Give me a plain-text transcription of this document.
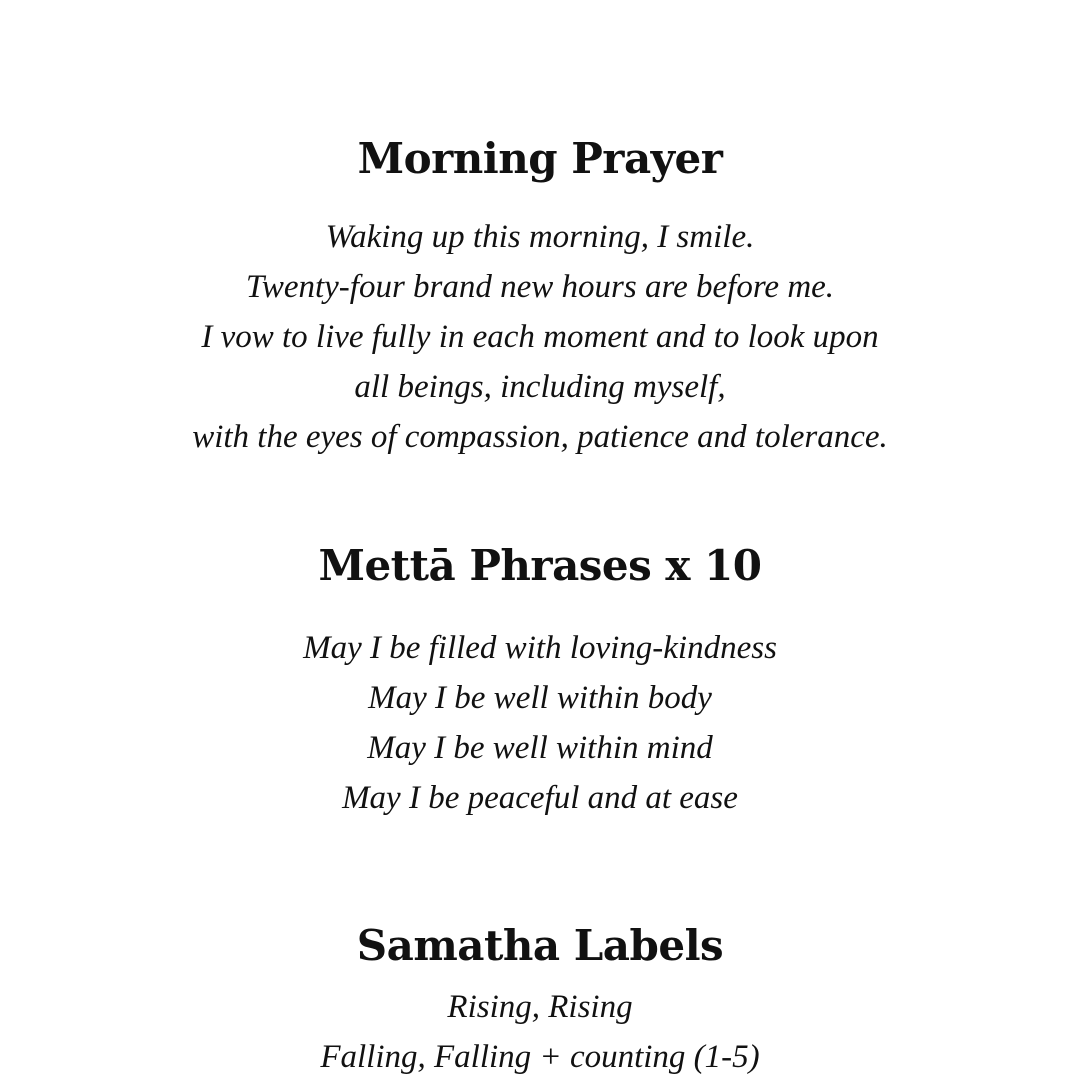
Morning Prayer
Waking up this morning, I smile.
Twenty-four brand new hours are before me.
I vow to live fully in each moment and to look upon
all beings, including myself,
with the eyes of compassion, patience and tolerance.
Mettā Phrases x 10
May I be filled with loving-kindness
May I be well within body
May I be well within mind
May I be peaceful and at ease
Samatha Labels
Rising, Rising
Falling, Falling + counting (1-5)
